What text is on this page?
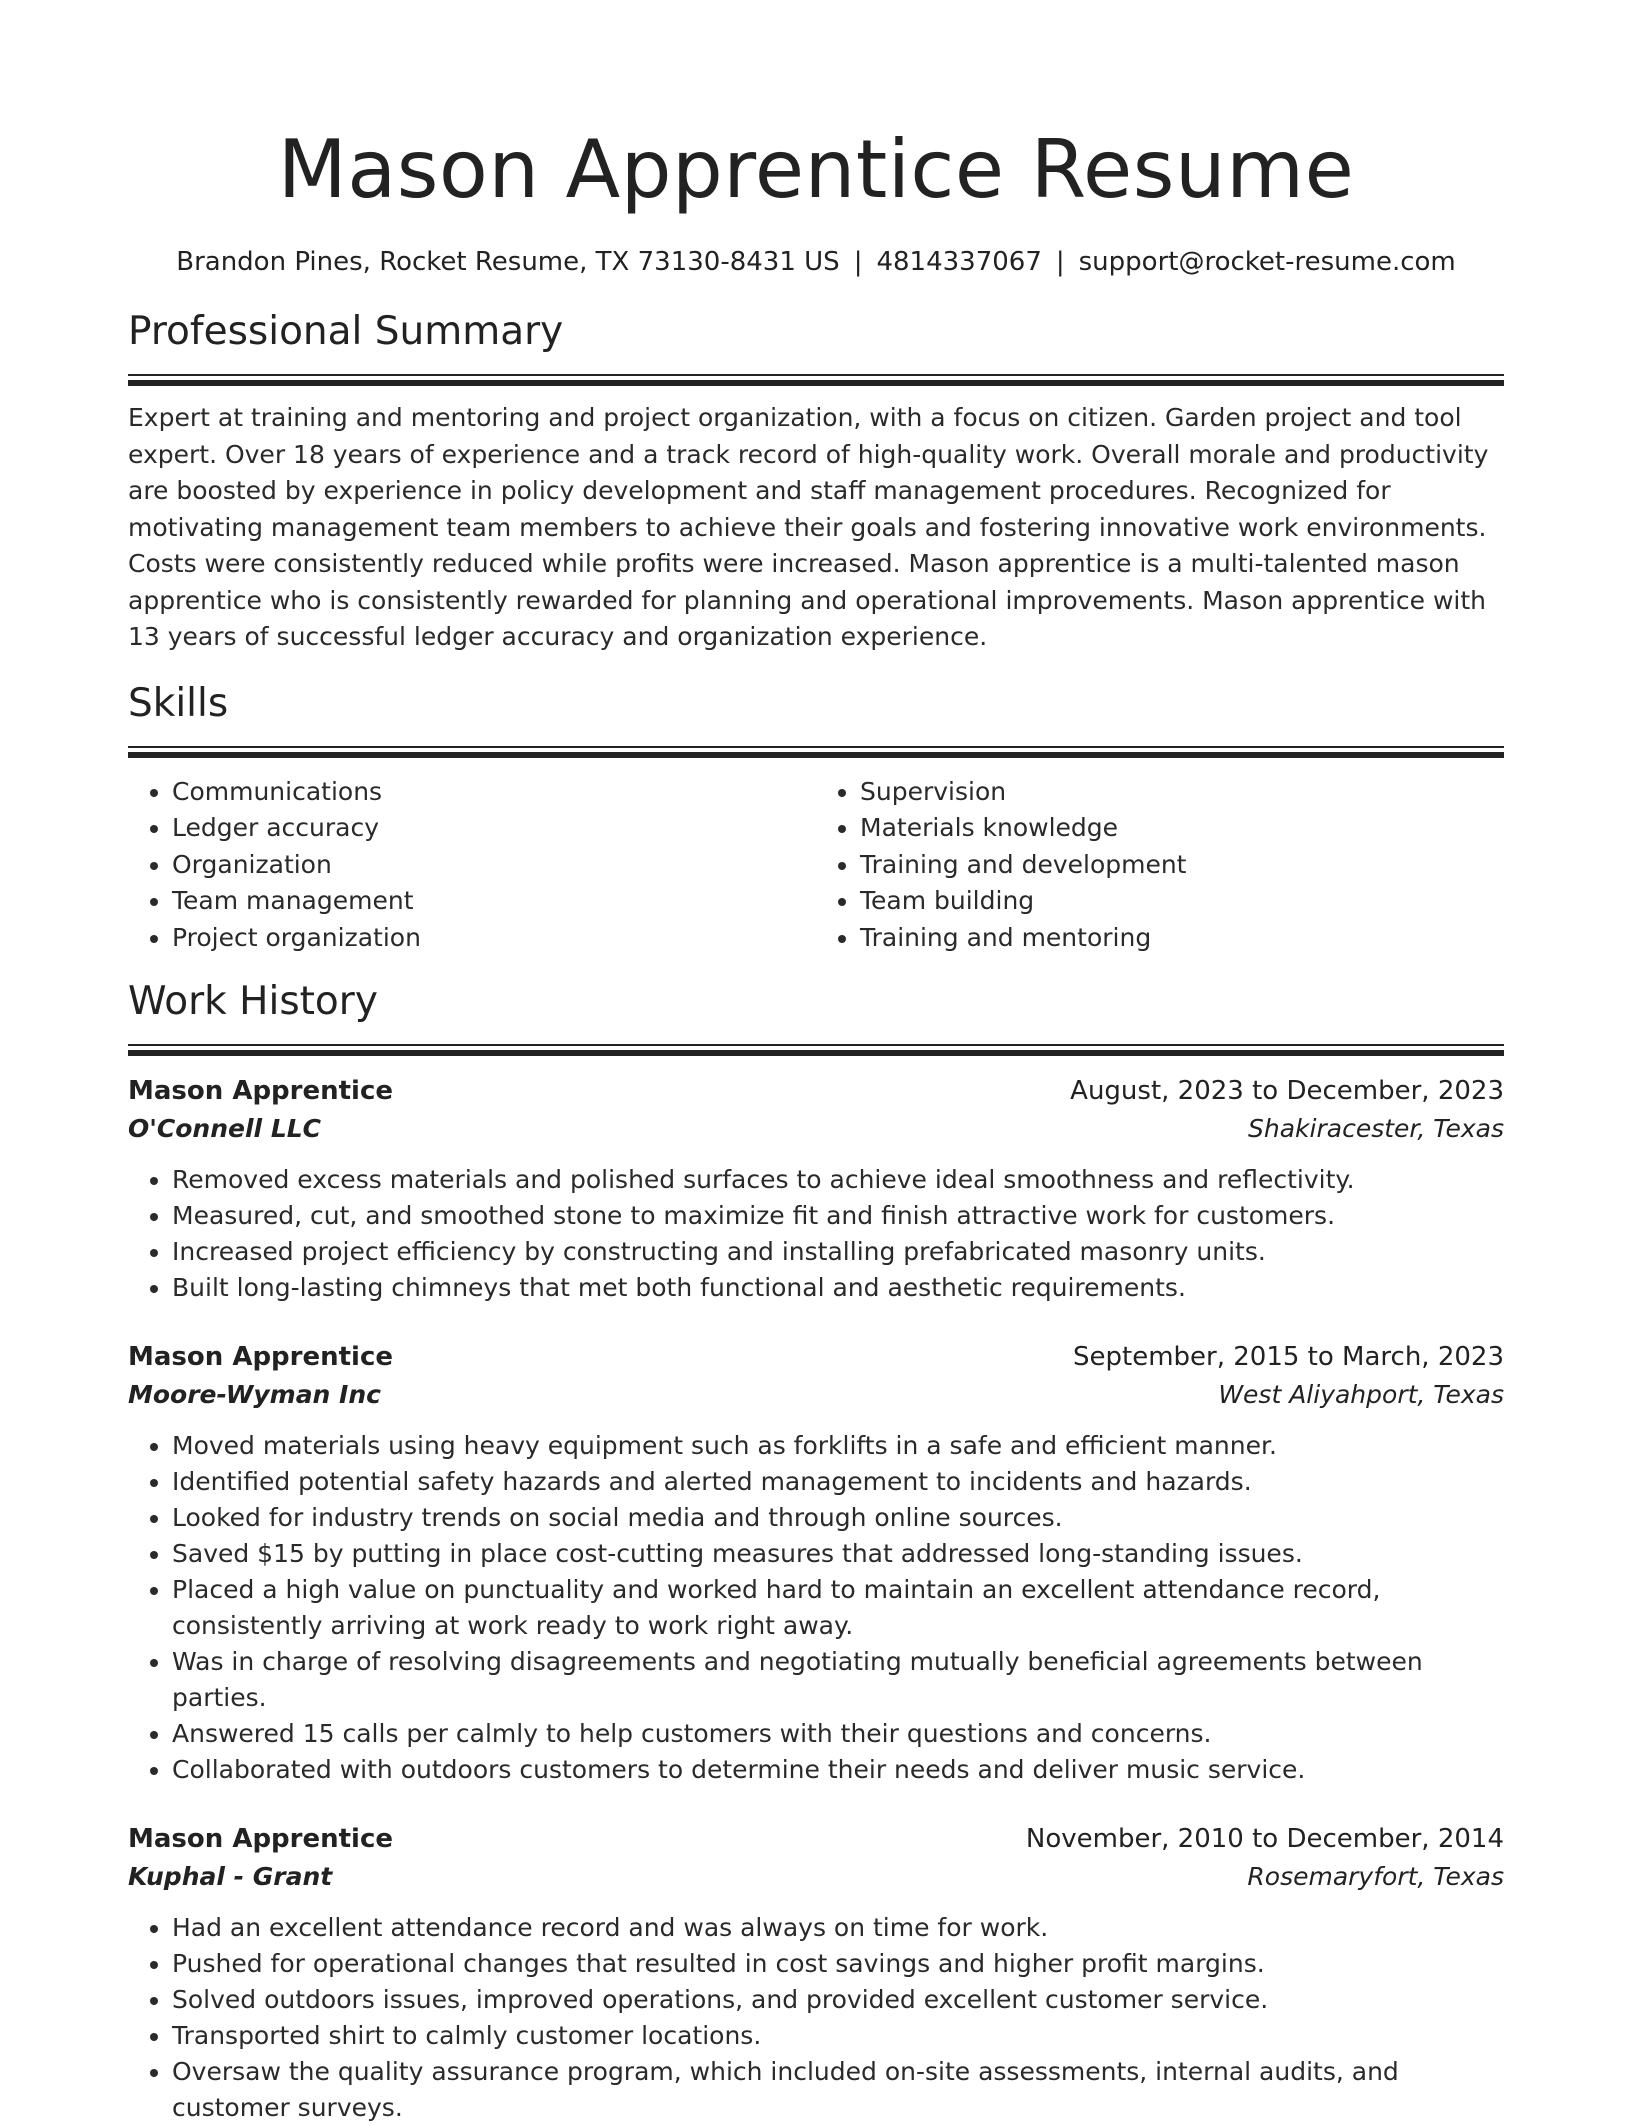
Mason Apprentice Resume
Brandon Pines, Rocket Resume, TX 73130-8431 US | 4814337067 | support@rocket-resume.com
Professional Summary

Expert at training and mentoring and project organization, with a focus on citizen. Garden project and tool expert. Over 18 years of experience and a track record of high-quality work. Overall morale and productivity are boosted by experience in policy development and staff management procedures. Recognized for motivating management team members to achieve their goals and fostering innovative work environments. Costs were consistently reduced while profits were increased. Mason apprentice is a multi-talented mason apprentice who is consistently rewarded for planning and operational improvements. Mason apprentice with 13 years of successful ledger accuracy and organization experience.

Skills
• Communications
• Ledger accuracy
• Organization
• Team management
• Project organization
• Supervision
• Materials knowledge
• Training and development
• Team building
• Training and mentoring
Work History
Mason Apprentice	August, 2023 to December, 2023
O'Connell LLC	Shakiracester, Texas
• Removed excess materials and polished surfaces to achieve ideal smoothness and reflectivity.
• Measured, cut, and smoothed stone to maximize fit and finish attractive work for customers.
• Increased project efficiency by constructing and installing prefabricated masonry units.
• Built long-lasting chimneys that met both functional and aesthetic requirements.
Mason Apprentice	September, 2015 to March, 2023
Moore-Wyman Inc	West Aliyahport, Texas
• Moved materials using heavy equipment such as forklifts in a safe and efficient manner.
• Identified potential safety hazards and alerted management to incidents and hazards.
• Looked for industry trends on social media and through online sources.
• Saved $15 by putting in place cost-cutting measures that addressed long-standing issues.
• Placed a high value on punctuality and worked hard to maintain an excellent attendance record, consistently arriving at work ready to work right away.
• Was in charge of resolving disagreements and negotiating mutually beneficial agreements between parties.
• Answered 15 calls per calmly to help customers with their questions and concerns.
• Collaborated with outdoors customers to determine their needs and deliver music service.
Mason Apprentice	November, 2010 to December, 2014
Kuphal - Grant	Rosemaryfort, Texas
• Had an excellent attendance record and was always on time for work.
• Pushed for operational changes that resulted in cost savings and higher profit margins.
• Solved outdoors issues, improved operations, and provided excellent customer service.
• Transported shirt to calmly customer locations.
• Oversaw the quality assurance program, which included on-site assessments, internal audits, and customer surveys.
